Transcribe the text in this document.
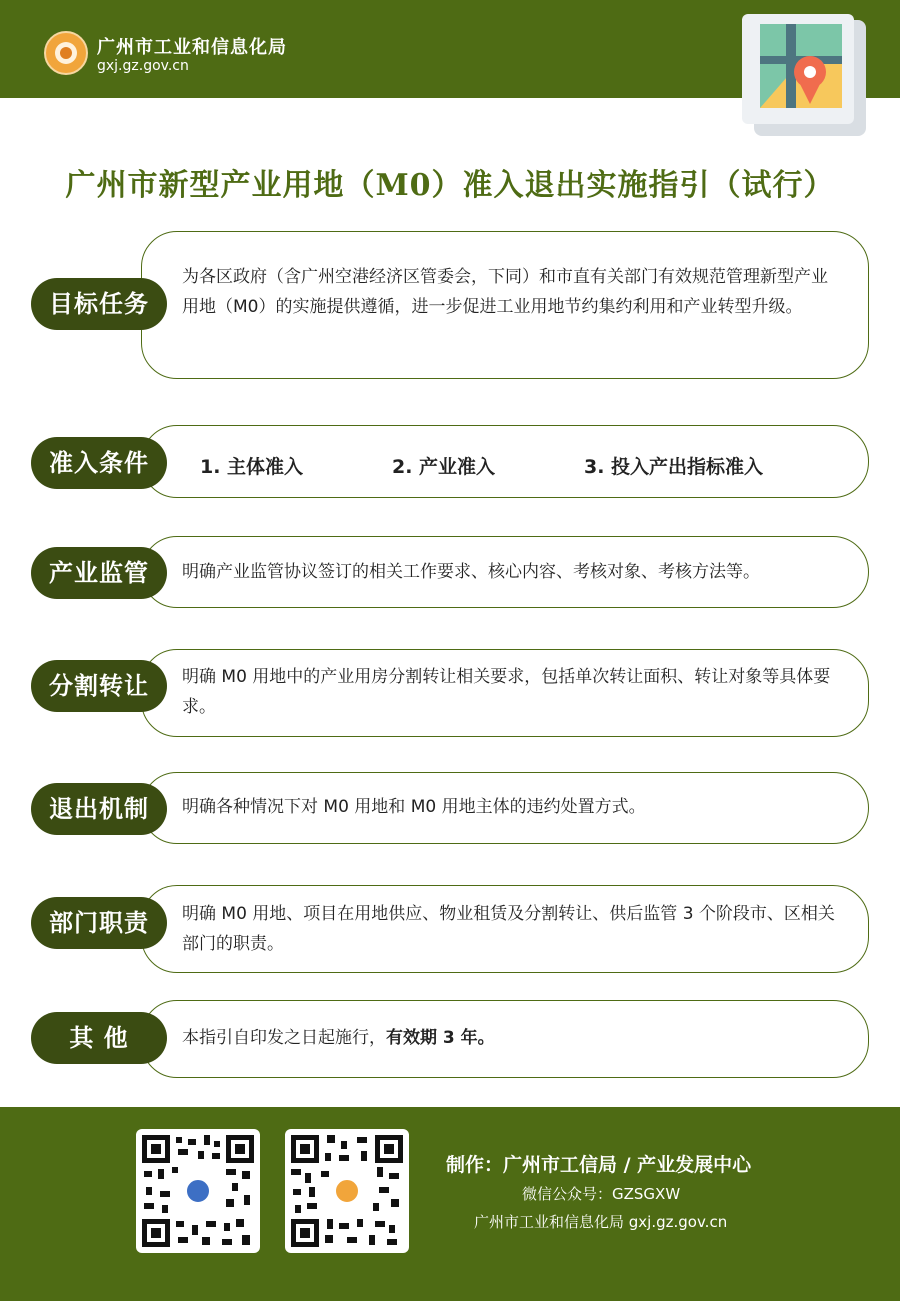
广州市工业和信息化局
gxj.gz.gov.cn
广州市新型产业用地（M0）准入退出实施指引（试行）
目标任务
为各区政府（含广州空港经济区管委会，下同）和市直有关部门有效规范管理新型产业用地（M0）的实施提供遵循，进一步促进工业用地节约集约利用和产业转型升级。
准入条件	1. 主体准入	2. 产业准入	3. 投入产出指标准入
产业监管	明确产业监管协议签订的相关工作要求、核心内容、考核对象、考核方法等。
分割转让	明确 M0 用地中的产业用房分割转让相关要求，包括单次转让面积、转让对象等具体要求。
退出机制	明确各种情况下对 M0 用地和 M0 用地主体的违约处置方式。
部门职责	明确 M0 用地、项目在用地供应、物业租赁及分割转让、供后监管 3 个阶段市、区相关部门的职责。
其 他	本指引自印发之日起施行，有效期 3 年。
制作：广州市工信局 / 产业发展中心
微信公众号：GZSGXW
广州市工业和信息化局 gxj.gz.gov.cn
